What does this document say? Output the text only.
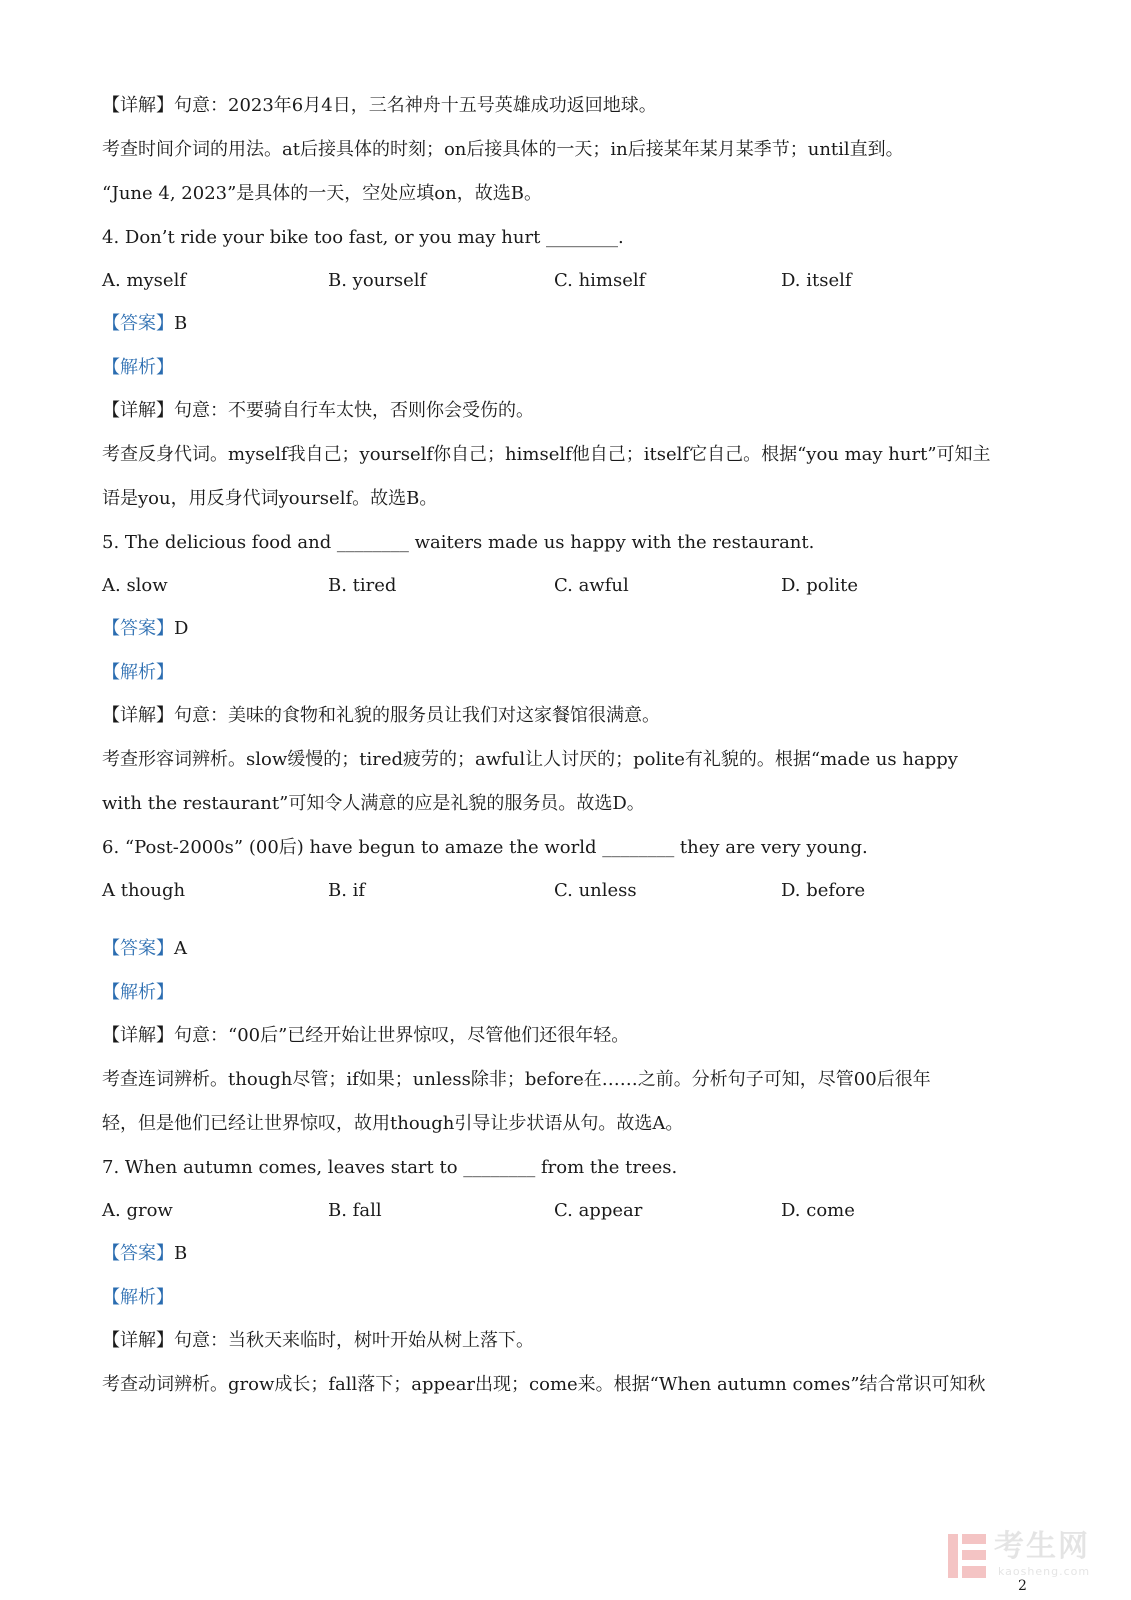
【详解】句意：2023年6月4日，三名神舟十五号英雄成功返回地球。
考查时间介词的用法。at后接具体的时刻；on后接具体的一天；in后接某年某月某季节；until直到。
“June 4, 2023”是具体的一天，空处应填on，故选B。
4. Don’t ride your bike too fast, or you may hurt ________.
A. myself	B. yourself	C. himself	D. itself
【答案】B
【解析】
【详解】句意：不要骑自行车太快，否则你会受伤的。
考查反身代词。myself我自己；yourself你自己；himself他自己；itself它自己。根据“you may hurt”可知主
语是you，用反身代词yourself。故选B。
5. The delicious food and ________ waiters made us happy with the restaurant.
A. slow	B. tired	C. awful	D. polite
【答案】D
【解析】
【详解】句意：美味的食物和礼貌的服务员让我们对这家餐馆很满意。
考查形容词辨析。slow缓慢的；tired疲劳的；awful让人讨厌的；polite有礼貌的。根据“made us happy
with the restaurant”可知令人满意的应是礼貌的服务员。故选D。
6. “Post-2000s” (00后) have begun to amaze the world ________ they are very young.
A though	B. if	C. unless	D. before
【答案】A
【解析】
【详解】句意：“00后”已经开始让世界惊叹，尽管他们还很年轻。
考查连词辨析。though尽管；if如果；unless除非；before在……之前。分析句子可知，尽管00后很年
轻，但是他们已经让世界惊叹，故用though引导让步状语从句。故选A。
7. When autumn comes, leaves start to ________ from the trees.
A. grow	B. fall	C. appear	D. come
【答案】B
【解析】
【详解】句意：当秋天来临时，树叶开始从树上落下。
考查动词辨析。grow成长；fall落下；appear出现；come来。根据“When autumn comes”结合常识可知秋
考生网
kaosheng.com
2
